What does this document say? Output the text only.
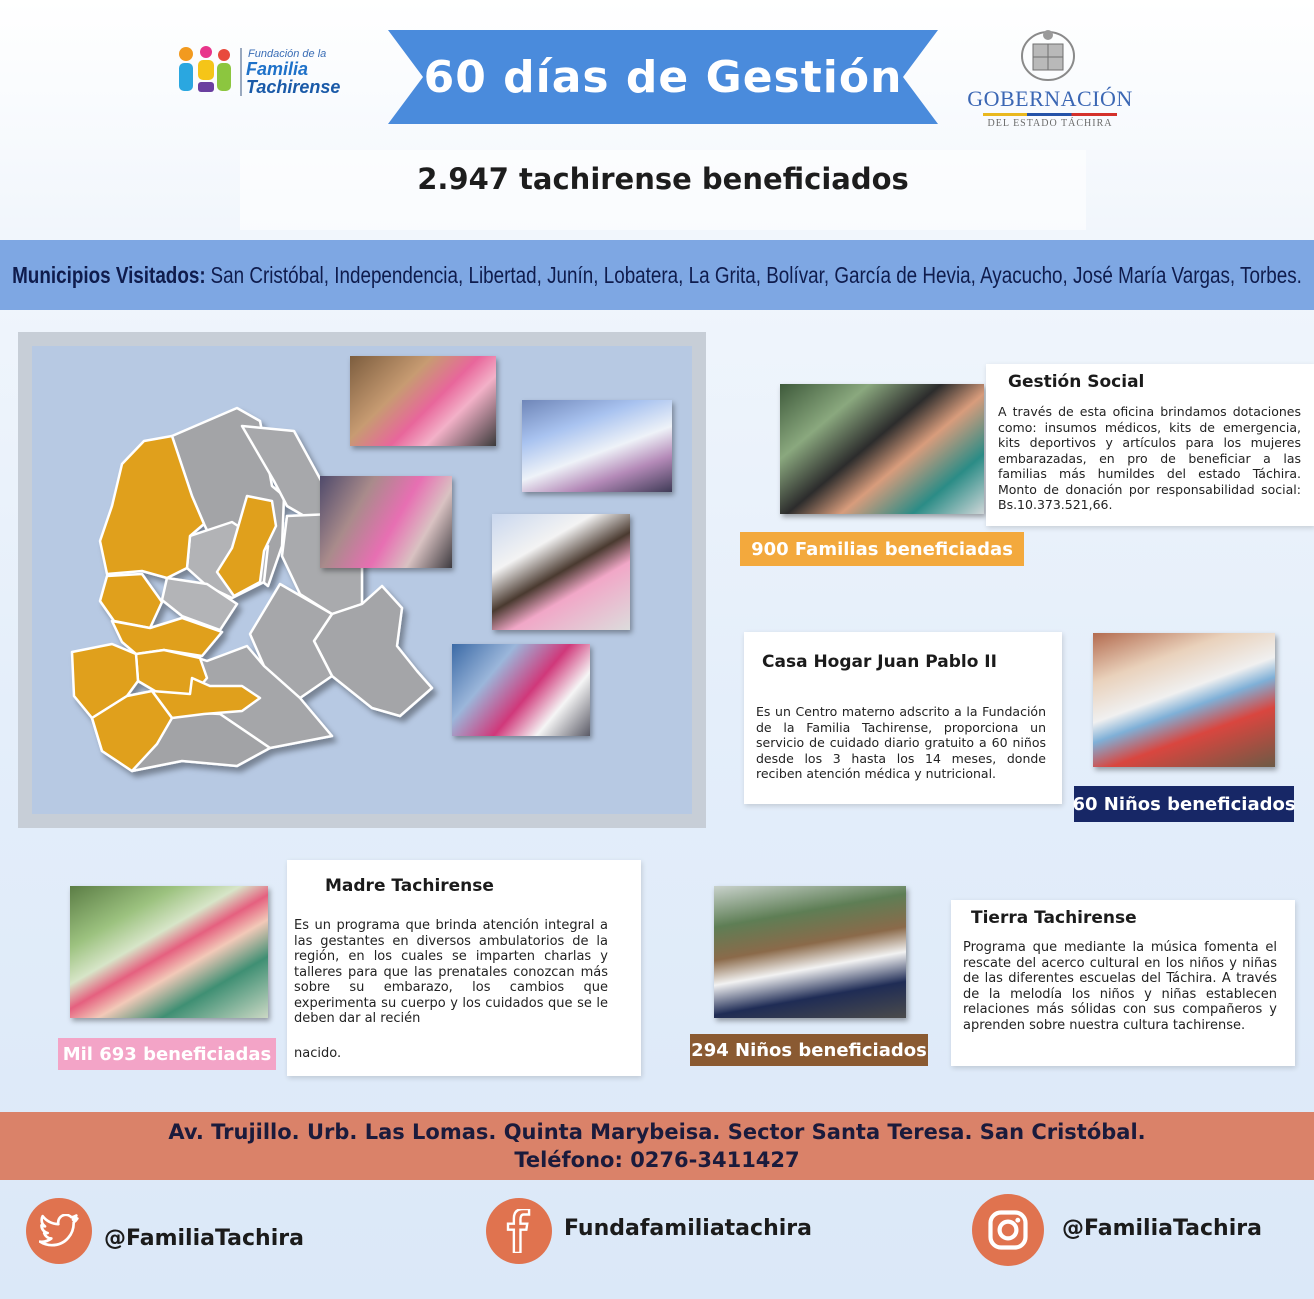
Fundación de la
Familia
Tachirense	60 días de Gestión	GOBERNACIÓN
DEL ESTADO TÁCHIRA
2.947 tachirense beneficiados
Municipios Visitados: San Cristóbal, Independencia, Libertad, Junín, Lobatera, La Grita, Bolívar, García de Hevia, Ayacucho, José María Vargas, Torbes.
Gestión Social
A través de esta oficina brindamos dotaciones como: insumos médicos, kits de emergencia, kits deportivos y artículos para los mujeres embarazadas, en pro de beneficiar a las familias más humildes del estado Táchira. Monto de donación por responsabilidad social: Bs.10.373.521,66.
900 Familias beneficiadas
Casa Hogar Juan Pablo II
Es un Centro materno adscrito a la Fundación de la Familia Tachirense, proporciona un servicio de cuidado diario gratuito a 60 niños desde los 3 hasta los 14 meses, donde reciben atención médica y nutricional.
60 Niños beneficiados
Madre Tachirense
Es un programa que brinda atención integral a las gestantes en diversos ambulatorios de la región, en los cuales se imparten charlas y talleres para que las prenatales conozcan más sobre su embarazo, los cambios que experimenta su cuerpo y los cuidados que se le deben dar al recién
nacido.
Mil 693 beneficiadas
Tierra Tachirense
Programa que mediante la música fomenta el rescate del acerco cultural en los niños y niñas de las diferentes escuelas del Táchira. A través de la melodía los niños y niñas establecen relaciones más sólidas con sus compañeros y aprenden sobre nuestra cultura tachirense.
294 Niños beneficiados
Av. Trujillo. Urb. Las Lomas. Quinta Marybeisa. Sector Santa Teresa. San Cristóbal.
Teléfono: 0276-3411427
@FamiliaTachira	Fundafamiliatachira	@FamiliaTachira
